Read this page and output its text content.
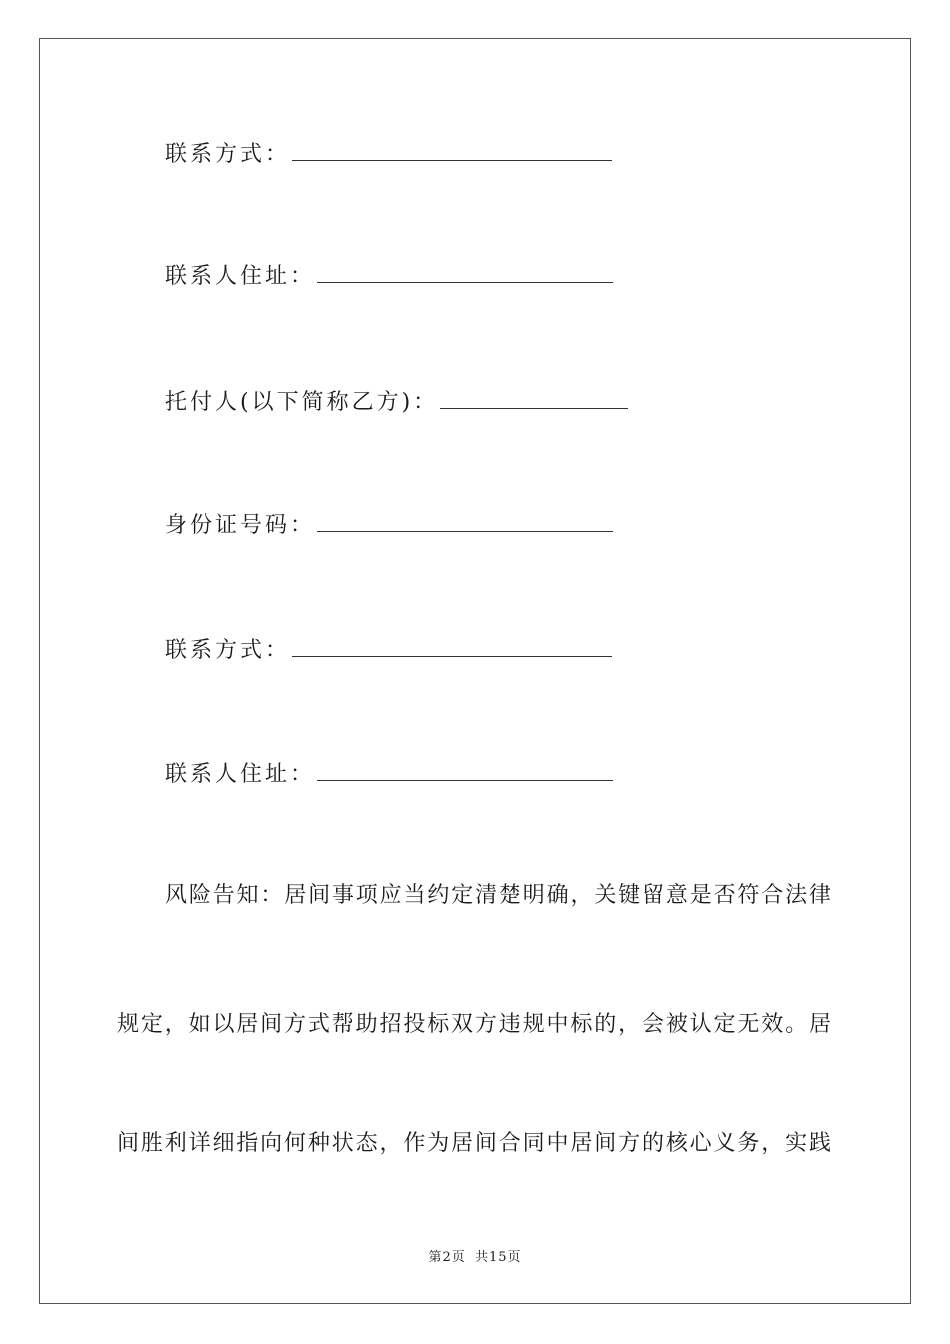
联系方式：
联系人住址：
托付人(以下简称乙方)：
身份证号码：
联系方式：
联系人住址：
风险告知：居间事项应当约定清楚明确，关键留意是否符合法律
规定，如以居间方式帮助招投标双方违规中标的，会被认定无效。居
间胜利详细指向何种状态，作为居间合同中居间方的核心义务，实践
第2页 共15页
